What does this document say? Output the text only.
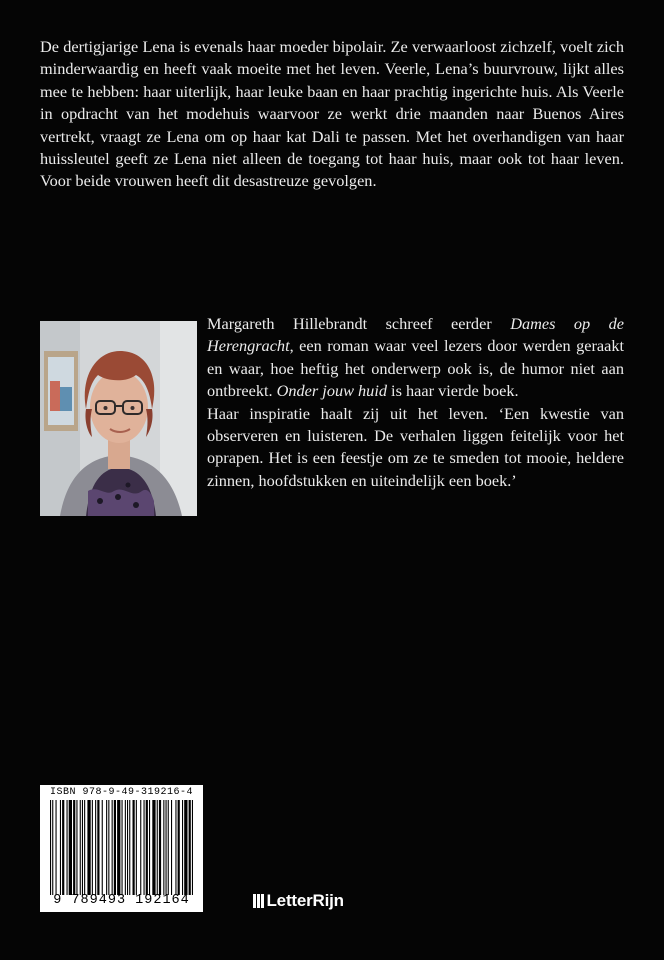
De dertigjarige Lena is evenals haar moeder bipolair. Ze verwaarloost zichzelf, voelt zich minderwaardig en heeft vaak moeite met het leven. Veerle, Lena’s buurvrouw, lijkt alles mee te hebben: haar uiterlijk, haar leuke baan en haar prachtig ingerichte huis. Als Veerle in opdracht van het modehuis waarvoor ze werkt drie maanden naar Buenos Aires vertrekt, vraagt ze Lena om op haar kat Dali te passen. Met het overhandigen van haar huissleutel geeft ze Lena niet alleen de toegang tot haar huis, maar ook tot haar leven. Voor beide vrouwen heeft dit desastreuze gevolgen.

Margareth Hillebrandt schreef eerder Dames op de Herengracht, een roman waar veel lezers door werden geraakt en waar, hoe heftig het onderwerp ook is, de humor niet aan ontbreekt. Onder jouw huid is haar vierde boek.

Haar inspiratie haalt zij uit het leven. ‘Een kwestie van observeren en luisteren. De verhalen liggen feitelijk voor het oprapen. Het is een feestje om ze te smeden tot mooie, heldere zinnen, hoofdstukken en uiteindelijk een boek.’

ISBN 978-9-49-319216-4
9 789493 192164	LetterRijn
